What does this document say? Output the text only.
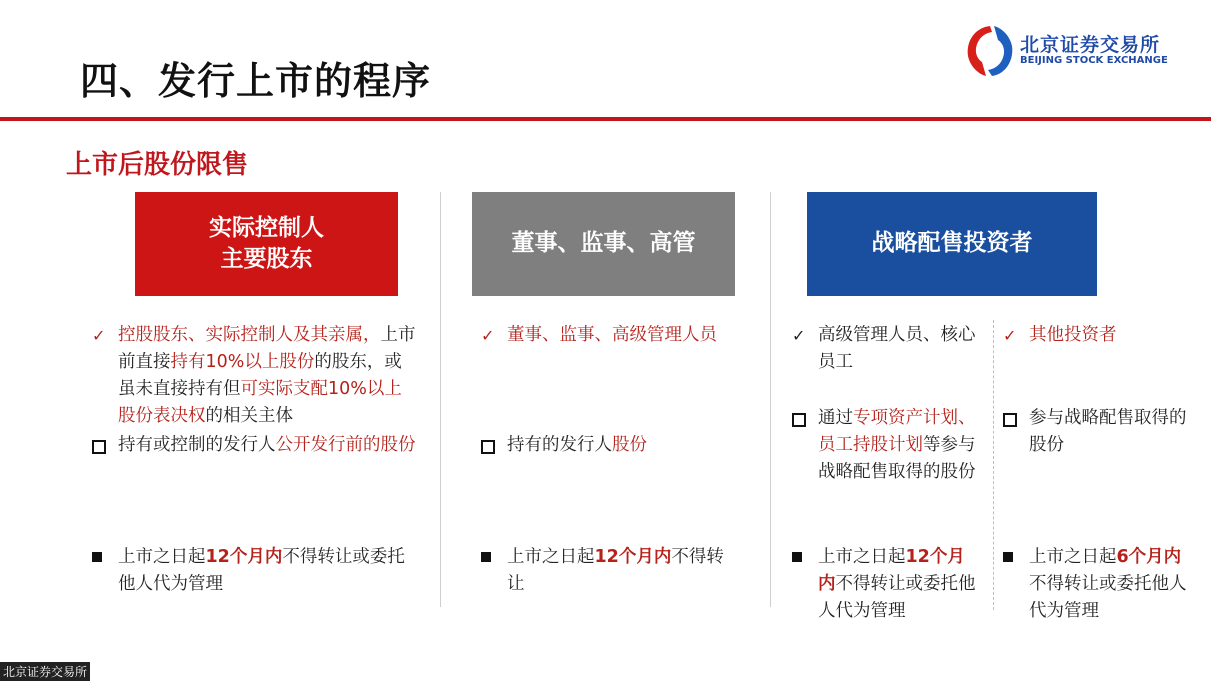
四、发行上市的程序
北京证券交易所
BEIJING STOCK EXCHANGE
上市后股份限售
实际控制人
主要股东
董事、监事、高管	战略配售投资者
✓ 控股股东、实际控制人及其亲属，上市前直接持有10%以上股份的股东，或虽未直接持有但可实际支配10%以上股份表决权的相关主体
持有或控制的发行人公开发行前的股份
上市之日起12个月内不得转让或委托他人代为管理
✓ 董事、监事、高级管理人员
持有的发行人股份
上市之日起12个月内不得转让
✓ 高级管理人员、核心员工
通过专项资产计划、员工持股计划等参与战略配售取得的股份
上市之日起12个月内不得转让或委托他人代为管理
✓ 其他投资者
参与战略配售取得的股份
上市之日起6个月内不得转让或委托他人代为管理
北京证券交易所
